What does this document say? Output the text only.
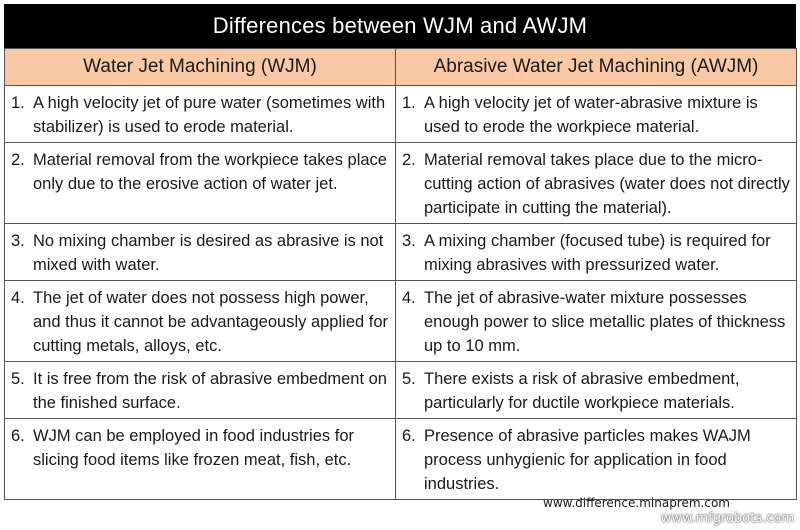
Differences between WJM and AWJM
Water Jet Machining (WJM)	Abrasive Water Jet Machining (AWJM)

1. A high velocity jet of pure water (sometimes with stabilizer) is used to erode material.	1. A high velocity jet of water-abrasive mixture is used to erode the workpiece material.

2. Material removal from the workpiece takes place only due to the erosive action of water jet.	2. Material removal takes place due to the micro-cutting action of abrasives (water does not directly participate in cutting the material).

3. No mixing chamber is desired as abrasive is not mixed with water.	3. A mixing chamber (focused tube) is required for mixing abrasives with pressurized water.

4. The jet of water does not possess high power, and thus it cannot be advantageously applied for cutting metals, alloys, etc.	4. The jet of abrasive-water mixture possesses enough power to slice metallic plates of thickness up to 10 mm.

5. It is free from the risk of abrasive embedment on the finished surface.	5. There exists a risk of abrasive embedment, particularly for ductile workpiece materials.

6. WJM can be employed in food industries for slicing food items like frozen meat, fish, etc.	6. Presence of abrasive particles makes WAJM process unhygienic for application in food industries.
www.difference.minaprem.com
www.mfgrobots.com
